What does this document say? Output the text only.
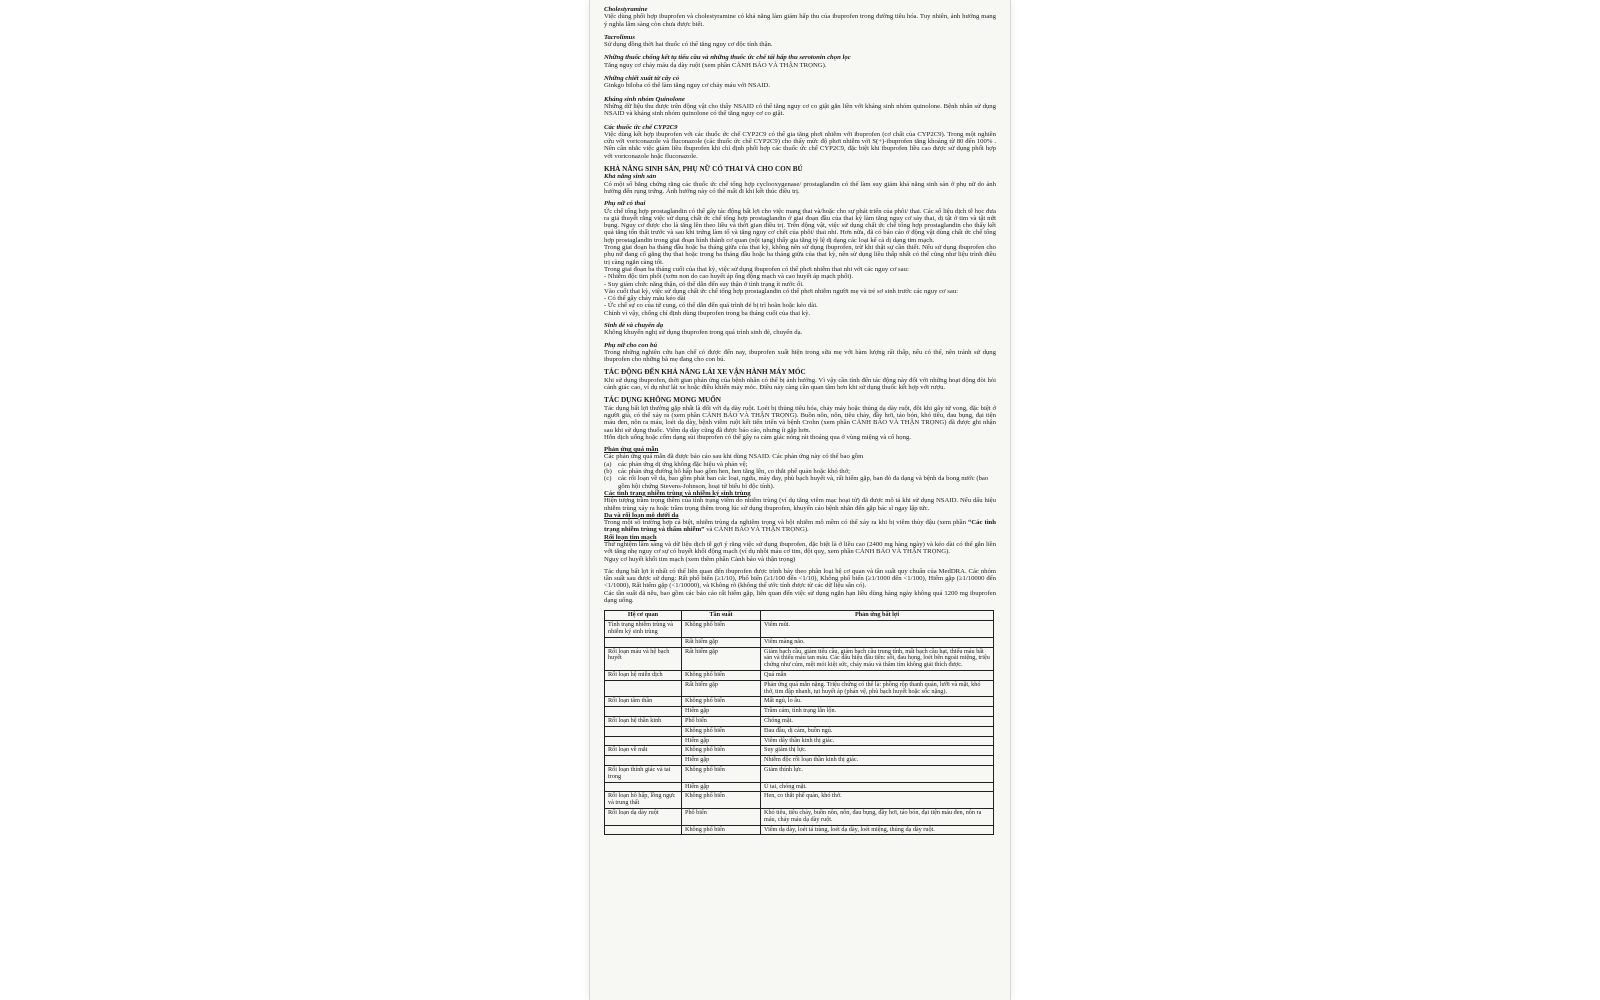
Cholestyramine
Việc dùng phối hợp ibuprofen và cholestyramine có khả năng làm giảm hấp thu của ibuprofen trong đường tiêu hóa. Tuy nhiên, ảnh hưởng mang ý nghĩa lâm sàng còn chưa được biết.
Tacrolimus
Sử dụng đồng thời hai thuốc có thể tăng nguy cơ độc tính thận.
Những thuốc chống kết tụ tiểu cầu và những thuốc ức chế tái hấp thu serotonin chọn lọc
Tăng nguy cơ chảy máu dạ dày ruột (xem phần CẢNH BÁO VÀ THẬN TRỌNG).
Những chiết xuất từ cây cỏ
Ginkgo biloba có thể làm tăng nguy cơ chảy máu với NSAID.
Kháng sinh nhóm Quinolone
Những dữ liệu thu được trên động vật cho thấy NSAID có thể tăng nguy cơ co giật gắn liền với kháng sinh nhóm quinolone. Bệnh nhân sử dụng NSAID và kháng sinh nhóm quinolone có thể tăng nguy cơ co giật.
Các thuốc ức chế CYP2C9
Việc dùng kết hợp ibuprofen với các thuốc ức chế CYP2C9 có thể gia tăng phơi nhiễm với ibuprofen (cơ chất của CYP2C9). Trong một nghiên cứu với voriconazole và fluconazole (các thuốc ức chế CYP2C9) cho thấy mức độ phơi nhiễm với S(+)-ibuprofen tăng khoảng từ 80 đến 100% . Nên cân nhắc việc giảm liều ibuprofen khi chỉ định phối hợp các thuốc ức chế CYP2C9, đặc biệt khi ibuprofen liều cao được sử dụng phối hợp với voriconazole hoặc fluconazole.
KHẢ NĂNG SINH SẢN, PHỤ NỮ CÓ THAI VÀ CHO CON BÚ
Khả năng sinh sản
Có một số bằng chứng rằng các thuốc ức chế tổng hợp cyclooxygenase/ prostaglandin có thể làm suy giảm khả năng sinh sản ở phụ nữ do ảnh hưởng đến rụng trứng. Ảnh hưởng này có thể mất đi khi kết thúc điều trị.
Phụ nữ có thai
Ức chế tổng hợp prostaglandin có thể gây tác động bất lợi cho việc mang thai và/hoặc cho sự phát triển của phôi/ thai. Các số liệu dịch tễ học đưa ra giả thuyết rằng việc sử dụng chất ức chế tổng hợp prostaglandin ở giai đoạn đầu của thai kỳ làm tăng nguy cơ sảy thai, dị tật ở tim và tật nứt bụng. Nguy cơ được cho là tăng lên theo liều và thời gian điều trị. Trên động vật, việc sử dụng chất ức chế tổng hợp prostaglandin cho thấy kết quả tăng tổn thất trước và sau khi trứng làm tổ và tăng nguy cơ chết của phôi/ thai nhi. Hơn nữa, đã có báo cáo ở động vật dùng chất ức chế tổng hợp prostaglandin trong giai đoạn hình thành cơ quan (nội tạng) thấy gia tăng tỷ lệ dị dạng các loại kể cả dị dạng tim mạch.
Trong giai đoạn ba tháng đầu hoặc ba tháng giữa của thai kỳ, không nên sử dụng ibuprofen, trừ khi thật sự cần thiết. Nếu sử dụng ibuprofen cho phụ nữ đang cố gắng thụ thai hoặc trong ba tháng đầu hoặc ba tháng giữa của thai kỳ, nên sử dụng liều thấp nhất có thể cũng như liệu trình điều trị càng ngắn càng tốt.
Trong giai đoạn ba tháng cuối của thai kỳ, việc sử dụng ibuprofen có thể phơi nhiễm thai nhi với các nguy cơ sau:
- Nhiễm độc tim phổi (xơm non do cao huyết áp ống động mạch và cao huyết áp mạch phổi).
- Suy giảm chức năng thận, có thể dẫn đến suy thận ở tình trạng ít nước ối.
Vào cuối thai kỳ, việc sử dụng chất ức chế tổng hợp prostaglandin có thể phơi nhiễm người mẹ và trẻ sơ sinh trước các nguy cơ sau:
- Có thể gây chảy máu kéo dài
- Ức chế sự co của tử cung, có thể dẫn đến quá trình đẻ bị trì hoãn hoặc kéo dài.
Chính vì vậy, chống chỉ định dùng ibuprofen trong ba tháng cuối của thai kỳ.
Sinh đẻ và chuyển dạ
Không khuyến nghị sử dụng ibuprofen trong quá trình sinh đẻ, chuyển dạ.
Phụ nữ cho con bú
Trong những nghiên cứu hạn chế có được đến nay, ibuprofen xuất hiện trong sữa mẹ với hàm lượng rất thấp, nếu có thể, nên tránh sử dụng ibuprofen cho những bà mẹ đang cho con bú.
TÁC ĐỘNG ĐẾN KHẢ NĂNG LÁI XE VẬN HÀNH MÁY MÓC
Khi sử dụng ibuprofen, thời gian phản ứng của bệnh nhân có thể bị ảnh hưởng. Vì vậy cần tính đến tác động này đối với những hoạt động đòi hỏi cảnh giác cao, ví dụ như lái xe hoặc điều khiển máy móc. Điều này càng cần quan tâm hơn khi sử dụng thuốc kết hợp với rượu.
TÁC DỤNG KHÔNG MONG MUỐN
Tác dụng bất lợi thường gặp nhất là đối với dạ dày ruột. Loét bị thủng tiêu hóa, chảy máy hoặc thủng dạ dày ruột, đôi khi gây tử vong, đặc biệt ở người già, có thể xảy ra (xem phần CẢNH BÁO VÀ THẬN TRỌNG). Buồn nôn, nôn, tiêu chảy, đầy hơi, táo bón, khó tiêu, đau bụng, đại tiện máu đen, nôn ra máu, loét dạ dày, bệnh viêm ruột kết tiến triển và bệnh Crohn (xem phần CẢNH BÁO VÀ THẬN TRỌNG) đã được ghi nhận sau khi sử dụng thuốc. Viêm dạ dày cũng đã được báo cáo, nhưng ít gặp hơn.
Hỗn dịch uống hoặc cốm dạng sủi ibuprofen có thể gây ra cảm giác nóng rát thoáng qua ở vùng miệng và cổ họng.
Phản ứng quá mẫn
Các phản ứng quá mẫn đã được báo cáo sau khi dùng NSAID. Các phản ứng này có thể bao gồm
(a) các phản ứng dị ứng không đặc hiệu và phản vệ;
(b) các phản ứng đường hô hấp bao gồm hen, hen tăng lên, co thắt phế quản hoặc khó thở;
(c) các rối loạn về da, bao gồm phát ban các loại, ngứa, mày đay, phù bạch huyết và, rất hiếm gặp, ban đỏ đa dạng và bệnh da bong nước (bao gồm hội chứng Stevens-Johnson, hoại tử biểu bì độc tính).
Các tình trạng nhiễm trùng và nhiễm ký sinh trùng
Hiện tượng trầm trọng thêm của tình trạng viêm do nhiễm trùng (ví dụ tăng viêm mạc hoại tử) đã được mô tả khi sử dụng NSAID. Nếu dấu hiệu nhiễm trùng xảy ra hoặc trầm trọng thêm trong lúc sử dụng ibuprofen, khuyến cáo bệnh nhân đến gặp bác sĩ ngay lập tức.
Da và rối loạn mô dưới da
Trong một số trường hợp cá biệt, nhiễm trùng da nghiêm trọng và bội nhiễm mô mềm có thể xảy ra khi bị viêm thủy đậu (xem phần “Các tình trạng nhiễm trùng và thẩm nhiễm” và CẢNH BÁO VÀ THẬN TRỌNG).
Rối loạn tim mạch
Thử nghiệm lâm sàng và dữ liệu dịch tễ gợi ý rằng việc sử dụng ibuprofen, đặc biệt là ở liều cao (2400 mg hàng ngày) và kéo dài có thể gắn liền với tăng nhẹ nguy cơ sự có huyết khối động mạch (ví dụ nhồi máu cơ tim, đột quỵ, xem phần CẢNH BÁO VÀ THẬN TRỌNG).
Nguy cơ huyết khối tim mạch (xem thêm phần Cảnh báo và thận trọng)
Tác dụng bất lợi ít nhất có thể liên quan đến ibuprofen được trình bày theo phân loại hệ cơ quan và tần suất quy chuẩn của MedDRA. Các nhóm tần suất sau được sử dụng: Rất phổ biến (≥1/10), Phổ biến (≥1/100 đến <1/10), Không phổ biến (≥1/1000 đến <1/100), Hiếm gặp (≥1/10000 đến <1/1000), Rất hiếm gặp (<1/10000), và Không rõ (không thể ước tính được từ các dữ liệu sẵn có).
Các tần suất đã nêu, bao gồm các báo cáo rất hiếm gặp, liên quan đến việc sử dụng ngắn hạn liều dùng hàng ngày không quá 1200 mg ibuprofen dạng uống.
Hệ cơ quan	Tần suất	Phản ứng bất lợi
Tình trạng nhiễm trùng và nhiễm ký sinh trùng	Không phổ biến	Viêm mũi.
	Rất hiếm gặp	Viêm màng não.
Rối loạn máu và hệ bạch huyết	Rất hiếm gặp	Giảm bạch cầu, giảm tiểu cầu, giảm bạch cầu trung tính, mất bạch cầu hạt, thiếu máu bất sản và thiếu máu tan máu. Các dấu hiệu đầu tiên: sốt, đau họng, loét bên ngoài miệng, triệu chứng như cúm, mệt mỏi kiệt sức, chảy máu và thâm tím không giải thích được.
Rối loạn hệ miễn dịch	Không phổ biến	Quá mẫn
	Rất hiếm gặp	Phản ứng quá mẫn nặng. Triệu chứng có thể là: phồng rộp thanh quản, lưỡi và mặt, khó thở, tim đập nhanh, tụt huyết áp (phản vệ, phù bạch huyết hoặc sốc nặng).
Rối loạn tâm thần	Không phổ biến	Mất ngủ, lo âu.
	Hiếm gặp	Trầm cảm, tình trạng lẫn lộn.
Rối loạn hệ thần kinh	Phổ biến	Chóng mặt.
	Không phổ biến	Đau đầu, dị cảm, buồn ngủ.
	Hiếm gặp	Viêm dây thần kinh thị giác.
Rối loạn về mắt	Không phổ biến	Suy giảm thị lực.
	Hiếm gặp	Nhiễm độc rối loạn thần kinh thị giác.
Rối loạn thính giác và tai trong	Không phổ biến	Giảm thính lực.
	Hiếm gặp	Ù tai, chóng mặt.
Rối loạn hô hấp, lồng ngực và trung thất	Không phổ biến	Hen, co thắt phế quản, khó thở.
Rối loạn dạ dày ruột	Phổ biến	Khó tiêu, tiêu chảy, buồn nôn, nôn, đau bụng, đầy hơi, táo bón, đại tiện máu đen, nôn ra máu, chảy máu dạ dày ruột.
	Không phổ biến	Viêm dạ dày, loét tá tràng, loét dạ dày, loét miệng, thủng dạ dày ruột.
